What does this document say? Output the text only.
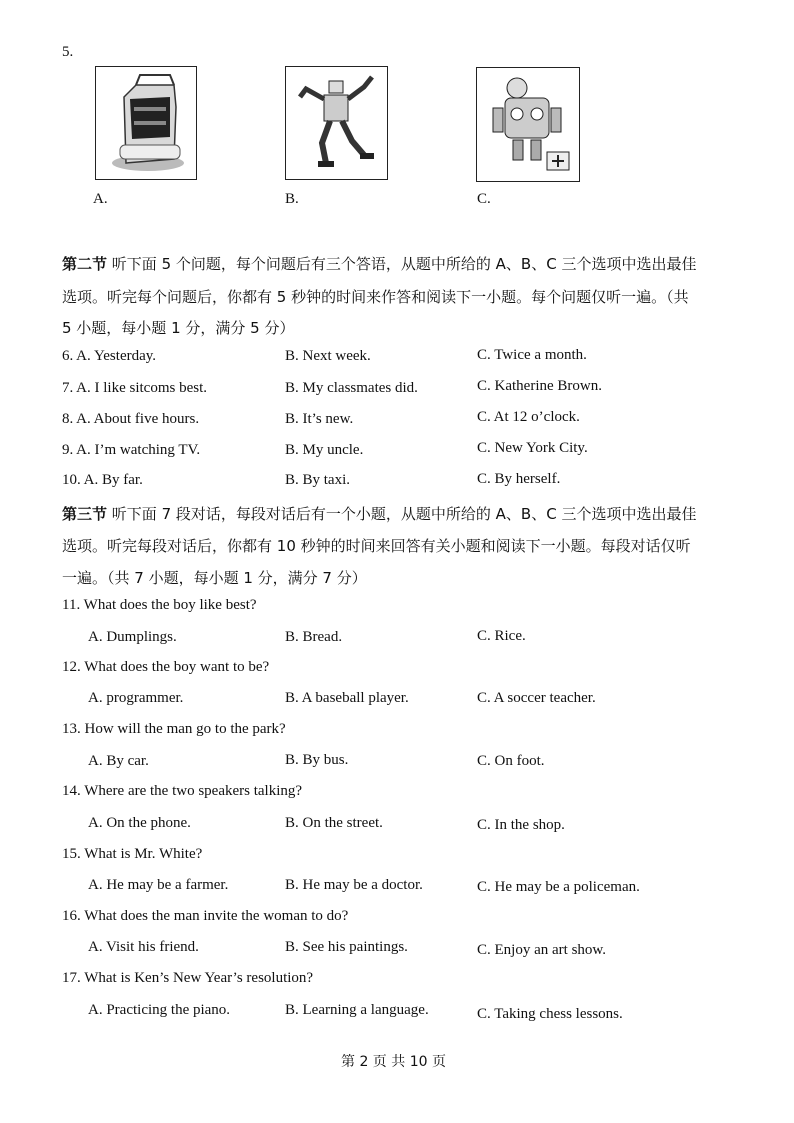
5.
A.	B.	C.
第二节 听下面 5 个问题，每个问题后有三个答语，从题中所给的 A、B、C 三个选项中选出最佳
选项。听完每个问题后，你都有 5 秒钟的时间来作答和阅读下一小题。每个问题仅听一遍。（共
5 小题，每小题 1 分，满分 5 分）
6. A. Yesterday.	B. Next week.	C. Twice a month.
7. A. I like sitcoms best.	B. My classmates did.	C. Katherine Brown.
8. A. About five hours.	B. It’s new.	C. At 12 o’clock.
9. A. I’m watching TV.	B. My uncle.	C. New York City.
10. A. By far.	B. By taxi.	C. By herself.
第三节 听下面 7 段对话，每段对话后有一个小题，从题中所给的 A、B、C 三个选项中选出最佳
选项。听完每段对话后，你都有 10 秒钟的时间来回答有关小题和阅读下一小题。每段对话仅听
一遍。（共 7 小题，每小题 1 分，满分 7 分）
11. What does the boy like best?
A. Dumplings.	B. Bread.	C. Rice.
12. What does the boy want to be?
A. programmer.	B. A baseball player.	C. A soccer teacher.
13. How will the man go to the park?
A. By car.	B. By bus.	C. On foot.
14. Where are the two speakers talking?
A. On the phone.	B. On the street.	C. In the shop.
15. What is Mr. White?
A. He may be a farmer.	B. He may be a doctor.	C. He may be a policeman.
16. What does the man invite the woman to do?
A. Visit his friend.	B. See his paintings.	C. Enjoy an art show.
17. What is Ken’s New Year’s resolution?
A. Practicing the piano.	B. Learning a language.	C. Taking chess lessons.
第 2 页 共 10 页
